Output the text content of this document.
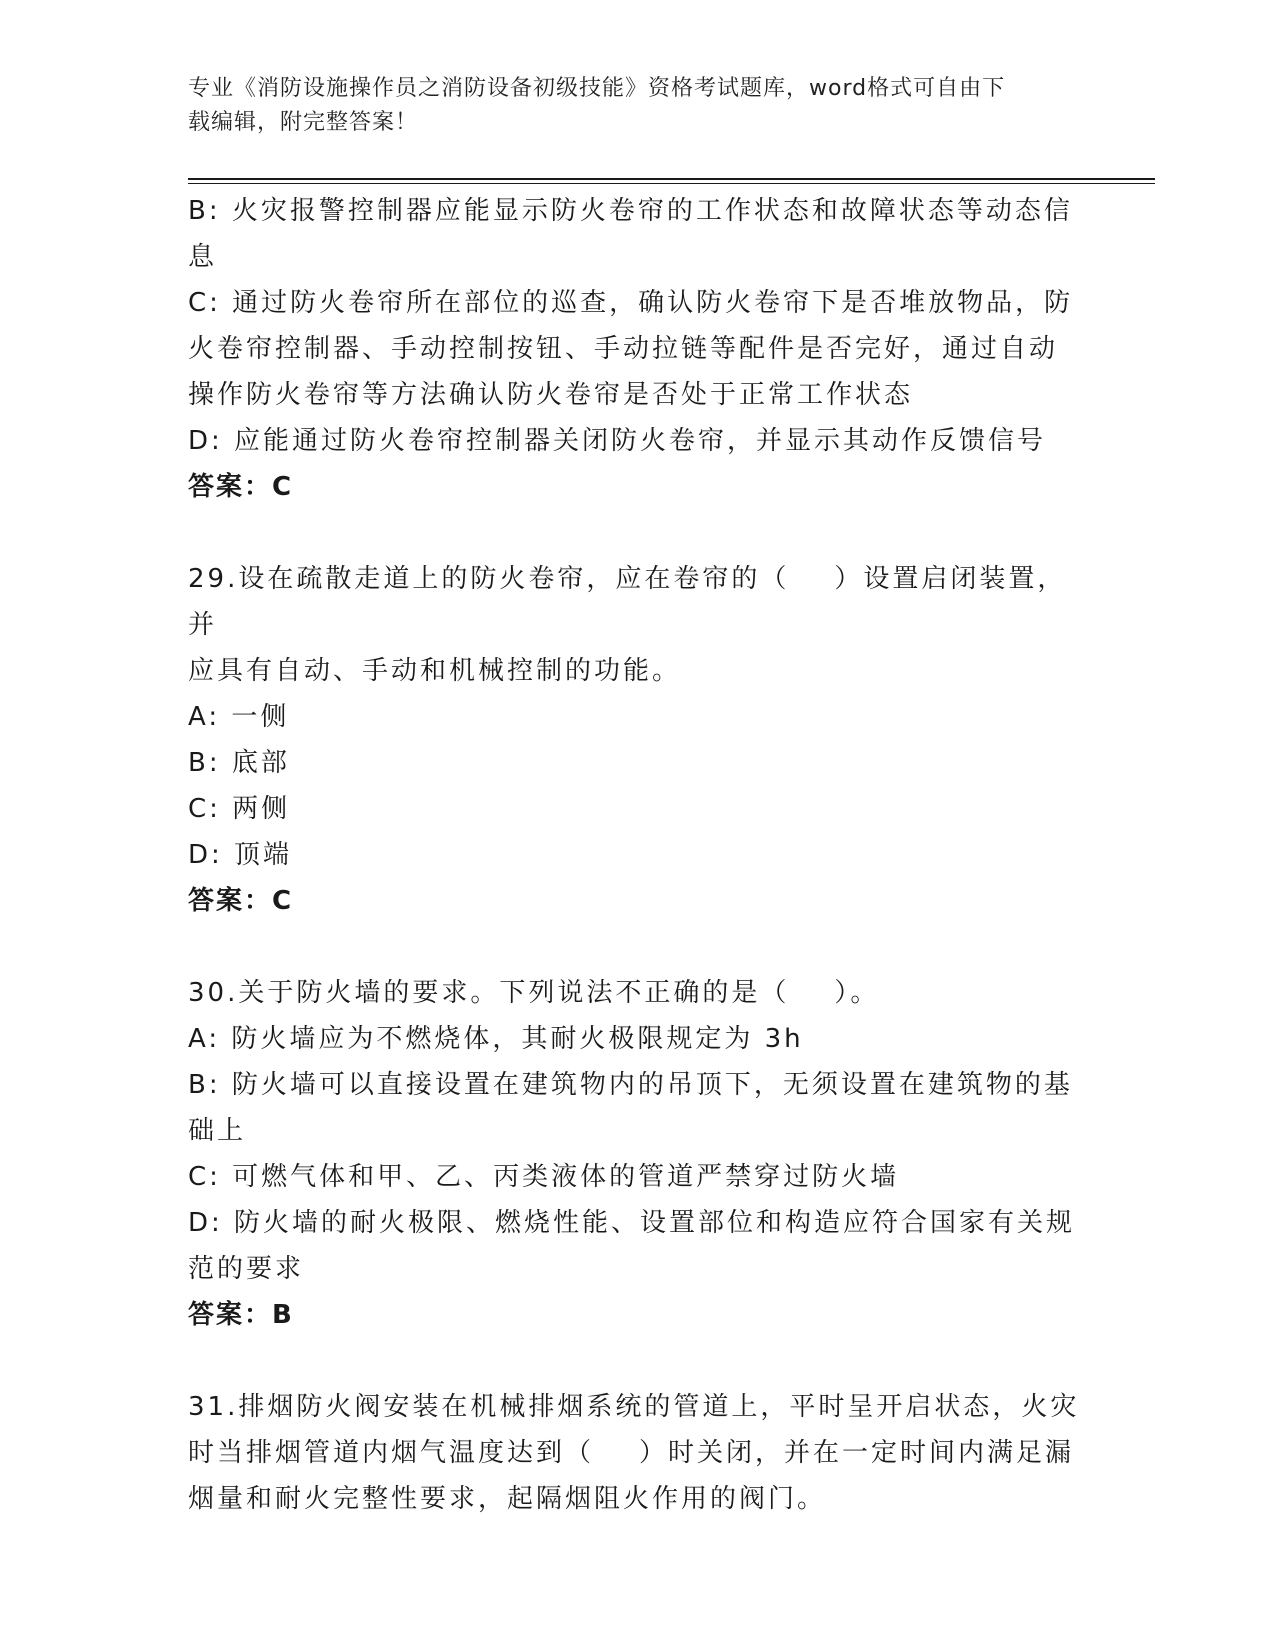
专业《消防设施操作员之消防设备初级技能》资格考试题库，word格式可自由下
载编辑，附完整答案！
B: 火灾报警控制器应能显示防火卷帘的工作状态和故障状态等动态信
息
C: 通过防火卷帘所在部位的巡查，确认防火卷帘下是否堆放物品，防
火卷帘控制器、手动控制按钮、手动拉链等配件是否完好，通过自动
操作防火卷帘等方法确认防火卷帘是否处于正常工作状态
D: 应能通过防火卷帘控制器关闭防火卷帘，并显示其动作反馈信号
答案：C
29.设在疏散走道上的防火卷帘，应在卷帘的（    ）设置启闭装置，并
应具有自动、手动和机械控制的功能。
A: 一侧
B: 底部
C: 两侧
D: 顶端
答案：C
30.关于防火墙的要求。下列说法不正确的是（    ）。
A: 防火墙应为不燃烧体，其耐火极限规定为 3h
B: 防火墙可以直接设置在建筑物内的吊顶下，无须设置在建筑物的基
础上
C: 可燃气体和甲、乙、丙类液体的管道严禁穿过防火墙
D: 防火墙的耐火极限、燃烧性能、设置部位和构造应符合国家有关规
范的要求
答案：B
31.排烟防火阀安装在机械排烟系统的管道上，平时呈开启状态，火灾
时当排烟管道内烟气温度达到（    ）时关闭，并在一定时间内满足漏
烟量和耐火完整性要求，起隔烟阻火作用的阀门。
